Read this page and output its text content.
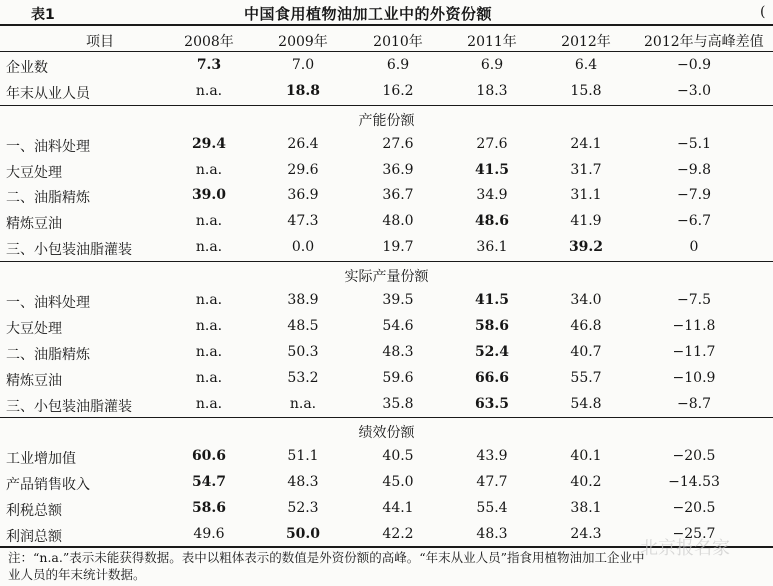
表1	中国食用植物油加工业中的外资份额	(
项目	2008年	2009年	2010年	2011年	2012年	2012年与高峰差值
企业数	7.3	7.0	6.9	6.9	6.4	−0.9
年末从业人员	n.a.	18.8	16.2	18.3	15.8	−3.0
产能份额
一、油料处理	29.4	26.4	27.6	27.6	24.1	−5.1
大豆处理	n.a.	29.6	36.9	41.5	31.7	−9.8
二、油脂精炼	39.0	36.9	36.7	34.9	31.1	−7.9
精炼豆油	n.a.	47.3	48.0	48.6	41.9	−6.7
三、小包装油脂灌装	n.a.	0.0	19.7	36.1	39.2	0
实际产量份额
一、油料处理	n.a.	38.9	39.5	41.5	34.0	−7.5
大豆处理	n.a.	48.5	54.6	58.6	46.8	−11.8
二、油脂精炼	n.a.	50.3	48.3	52.4	40.7	−11.7
精炼豆油	n.a.	53.2	59.6	66.6	55.7	−10.9
三、小包装油脂灌装	n.a.	n.a.	35.8	63.5	54.8	−8.7
绩效份额
工业增加值	60.6	51.1	40.5	43.9	40.1	−20.5
产品销售收入	54.7	48.3	45.0	47.7	40.2	−14.53
利税总额	58.6	52.3	44.1	55.4	38.1	−20.5
利润总额	49.6	50.0	42.2	48.3	24.3	−25.7
注：“n.a.”表示未能获得数据。表中以粗体表示的数值是外资份额的高峰。“年末从业人员”指食用植物油加工企业中
业人员的年末统计数据。
北京报名家
